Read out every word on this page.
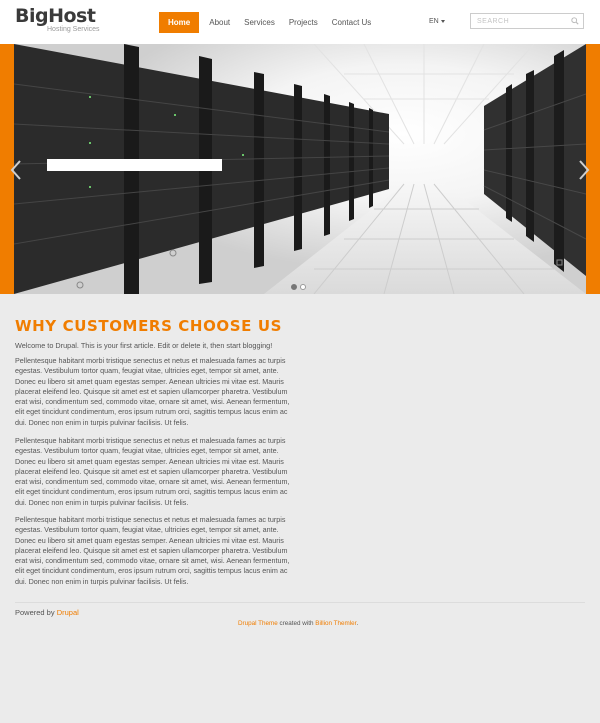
BigHost
Hosting Services
Home	About	Services	Projects	Contact Us	EN
SEARCH
WHY CUSTOMERS CHOOSE US
Welcome to Drupal. This is your first article. Edit or delete it, then start blogging!

Pellentesque habitant morbi tristique senectus et netus et malesuada fames ac turpis egestas. Vestibulum tortor quam, feugiat vitae, ultricies eget, tempor sit amet, ante. Donec eu libero sit amet quam egestas semper. Aenean ultricies mi vitae est. Mauris placerat eleifend leo. Quisque sit amet est et sapien ullamcorper pharetra. Vestibulum erat wisi, condimentum sed, commodo vitae, ornare sit amet, wisi. Aenean fermentum, elit eget tincidunt condimentum, eros ipsum rutrum orci, sagittis tempus lacus enim ac dui. Donec non enim in turpis pulvinar facilisis. Ut felis.

Pellentesque habitant morbi tristique senectus et netus et malesuada fames ac turpis egestas. Vestibulum tortor quam, feugiat vitae, ultricies eget, tempor sit amet, ante. Donec eu libero sit amet quam egestas semper. Aenean ultricies mi vitae est. Mauris placerat eleifend leo. Quisque sit amet est et sapien ullamcorper pharetra. Vestibulum erat wisi, condimentum sed, commodo vitae, ornare sit amet, wisi. Aenean fermentum, elit eget tincidunt condimentum, eros ipsum rutrum orci, sagittis tempus lacus enim ac dui. Donec non enim in turpis pulvinar facilisis. Ut felis.

Pellentesque habitant morbi tristique senectus et netus et malesuada fames ac turpis egestas. Vestibulum tortor quam, feugiat vitae, ultricies eget, tempor sit amet, ante. Donec eu libero sit amet quam egestas semper. Aenean ultricies mi vitae est. Mauris placerat eleifend leo. Quisque sit amet est et sapien ullamcorper pharetra. Vestibulum erat wisi, condimentum sed, commodo vitae, ornare sit amet, wisi. Aenean fermentum, elit eget tincidunt condimentum, eros ipsum rutrum orci, sagittis tempus lacus enim ac dui. Donec non enim in turpis pulvinar facilisis. Ut felis.

Powered by Drupal
Drupal Theme created with Billion Themler.
